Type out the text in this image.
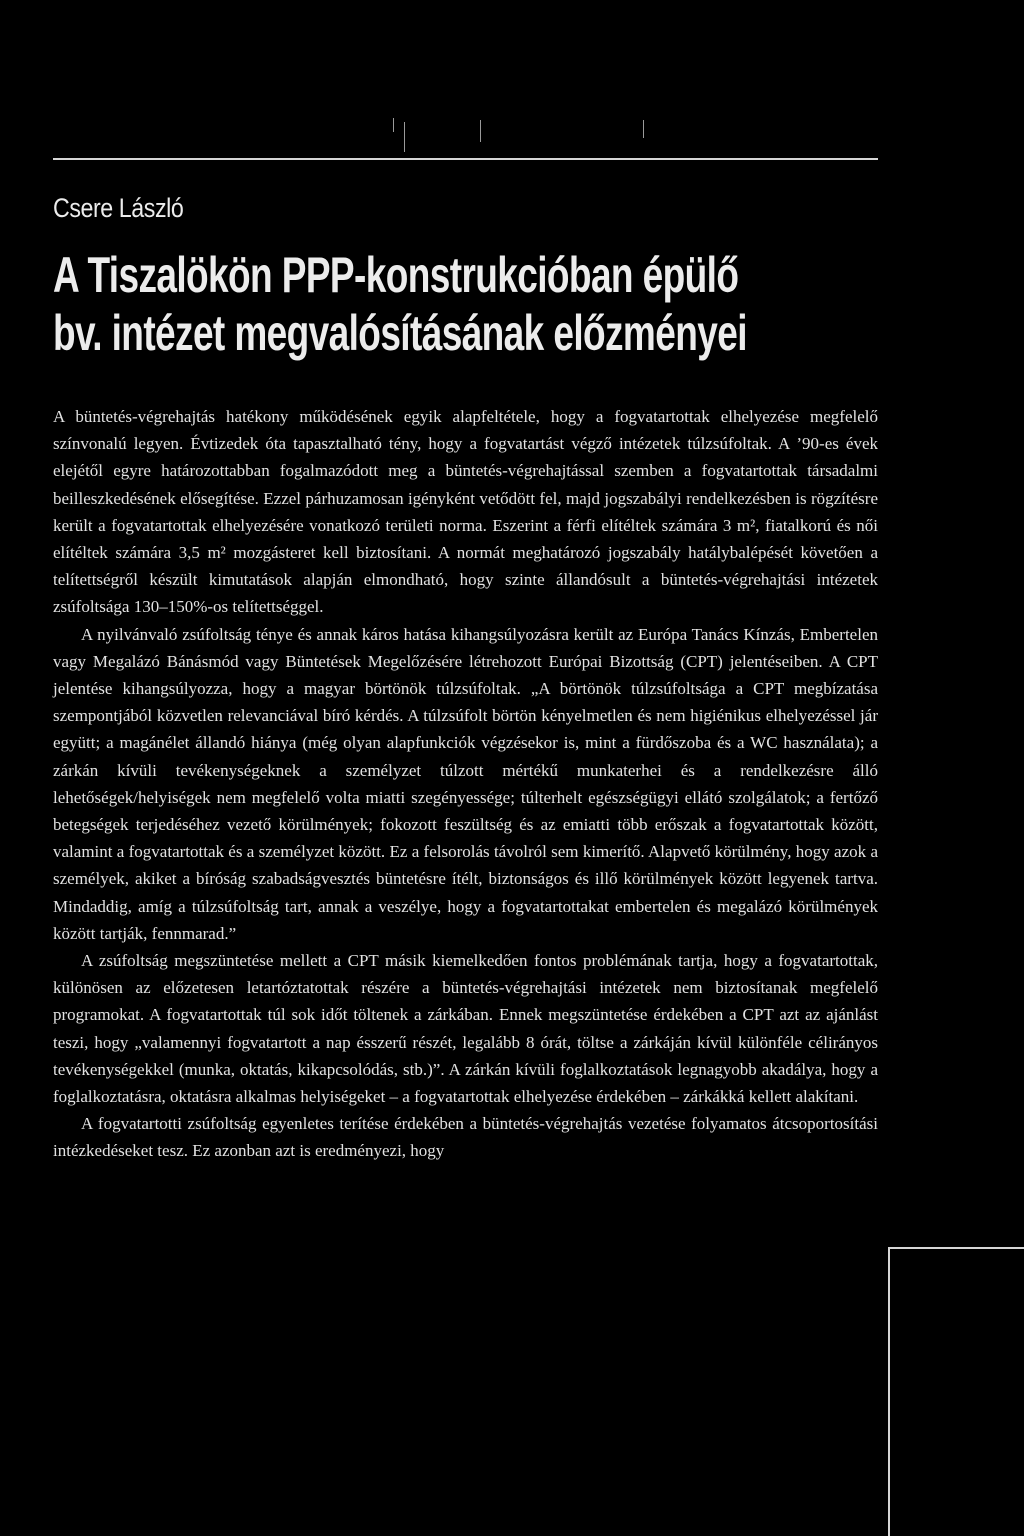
Csere László
A Tiszalökön PPP-konstrukcióban épülő
bv. intézet megvalósításának előzményei

A büntetés-végrehajtás hatékony működésének egyik alapfeltétele, hogy a fogvatartottak elhelyezése megfelelő színvonalú legyen. Évtizedek óta tapasztalható tény, hogy a fogvatartást végző intézetek túlzsúfoltak. A ’90-es évek elejétől egyre határozottabban fogalmazódott meg a büntetés-végrehajtással szemben a fogvatartottak társadalmi beilleszkedésének elősegítése. Ezzel párhuzamosan igényként vetődött fel, majd jogszabályi rendelkezésben is rögzítésre került a fogvatartottak elhelyezésére vonatkozó területi norma. Eszerint a férfi elítéltek számára 3 m², fiatalkorú és női elítéltek számára 3,5 m² mozgásteret kell biztosítani. A normát meghatározó jogszabály hatálybalépését követően a telítettségről készült kimutatások alapján elmondható, hogy szinte állandósult a büntetés-végrehajtási intézetek zsúfoltsága 130–150%-os telítettséggel.

A nyilvánvaló zsúfoltság ténye és annak káros hatása kihangsúlyozásra került az Európa Tanács Kínzás, Embertelen vagy Megalázó Bánásmód vagy Büntetések Megelőzésére létrehozott Európai Bizottság (CPT) jelentéseiben. A CPT jelentése kihangsúlyozza, hogy a magyar börtönök túlzsúfoltak. „A börtönök túlzsúfoltsága a CPT megbízatása szempontjából közvetlen relevanciával bíró kérdés. A túlzsúfolt börtön kényelmetlen és nem higiénikus elhelyezéssel jár együtt; a magánélet állandó hiánya (még olyan alapfunkciók végzésekor is, mint a fürdőszoba és a WC használata); a zárkán kívüli tevékenységeknek a személyzet túlzott mértékű munkaterhei és a rendelkezésre álló lehetőségek/helyiségek nem megfelelő volta miatti szegényessége; túlterhelt egészségügyi ellátó szolgálatok; a fertőző betegségek terjedéséhez vezető körülmények; fokozott feszültség és az emiatti több erőszak a fogvatartottak között, valamint a fogvatartottak és a személyzet között. Ez a felsorolás távolról sem kimerítő. Alapvető körülmény, hogy azok a személyek, akiket a bíróság szabadságvesztés büntetésre ítélt, biztonságos és illő körülmények között legyenek tartva. Mindaddig, amíg a túlzsúfoltság tart, annak a veszélye, hogy a fogvatartottakat embertelen és megalázó körülmények között tartják, fennmarad.”

A zsúfoltság megszüntetése mellett a CPT másik kiemelkedően fontos problémának tartja, hogy a fogvatartottak, különösen az előzetesen letartóztatottak részére a büntetés-végrehajtási intézetek nem biztosítanak megfelelő programokat. A fogvatartottak túl sok időt töltenek a zárkában. Ennek megszüntetése érdekében a CPT azt az ajánlást teszi, hogy „valamennyi fogvatartott a nap ésszerű részét, legalább 8 órát, töltse a zárkáján kívül különféle célirányos tevékenységekkel (munka, oktatás, kikapcsolódás, stb.)”. A zárkán kívüli foglalkoztatások legnagyobb akadálya, hogy a foglalkoztatásra, oktatásra alkalmas helyiségeket – a fogvatartottak elhelyezése érdekében – zárkákká kellett alakítani.

A fogvatartotti zsúfoltság egyenletes terítése érdekében a büntetés-végrehajtás vezetése folyamatos átcsoportosítási intézkedéseket tesz. Ez azonban azt is eredményezi, hogy
